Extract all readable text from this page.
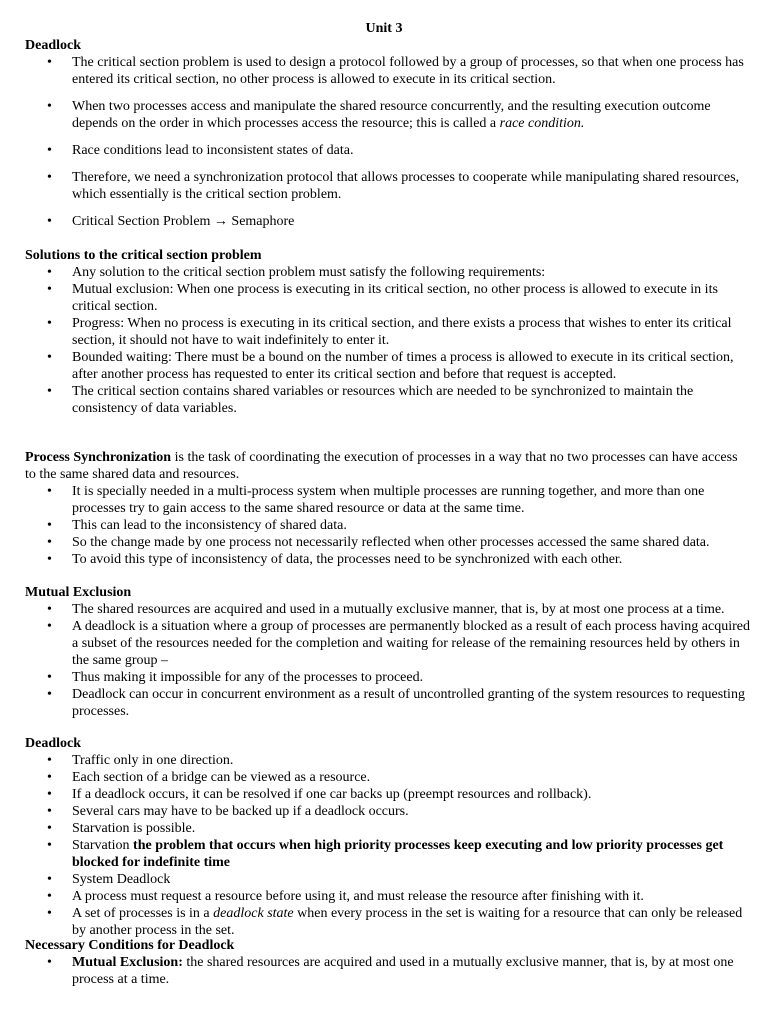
Unit 3
Deadlock
• The critical section problem is used to design a protocol followed by a group of processes, so that when one process has entered its critical section, no other process is allowed to execute in its critical section.
• When two processes access and manipulate the shared resource concurrently, and the resulting execution outcome depends on the order in which processes access the resource; this is called a race condition.
• Race conditions lead to inconsistent states of data.
• Therefore, we need a synchronization protocol that allows processes to cooperate while manipulating shared resources, which essentially is the critical section problem.
• Critical Section Problem → Semaphore
Solutions to the critical section problem
• Any solution to the critical section problem must satisfy the following requirements:
• Mutual exclusion: When one process is executing in its critical section, no other process is allowed to execute in its critical section.
• Progress: When no process is executing in its critical section, and there exists a process that wishes to enter its critical section, it should not have to wait indefinitely to enter it.
• Bounded waiting: There must be a bound on the number of times a process is allowed to execute in its critical section, after another process has requested to enter its critical section and before that request is accepted.
• The critical section contains shared variables or resources which are needed to be synchronized to maintain the consistency of data variables.
Process Synchronization is the task of coordinating the execution of processes in a way that no two processes can have access to the same shared data and resources.
• It is specially needed in a multi-process system when multiple processes are running together, and more than one processes try to gain access to the same shared resource or data at the same time.
• This can lead to the inconsistency of shared data.
• So the change made by one process not necessarily reflected when other processes accessed the same shared data.
• To avoid this type of inconsistency of data, the processes need to be synchronized with each other.
Mutual Exclusion
• The shared resources are acquired and used in a mutually exclusive manner, that is, by at most one process at a time.
• A deadlock is a situation where a group of processes are permanently blocked as a result of each process having acquired a subset of the resources needed for the completion and waiting for release of the remaining resources held by others in the same group –
• Thus making it impossible for any of the processes to proceed.
• Deadlock can occur in concurrent environment as a result of uncontrolled granting of the system resources to requesting processes.
Deadlock
• Traffic only in one direction.
• Each section of a bridge can be viewed as a resource.
• If a deadlock occurs, it can be resolved if one car backs up (preempt resources and rollback).
• Several cars may have to be backed up if a deadlock occurs.
• Starvation is possible.
• Starvation the problem that occurs when high priority processes keep executing and low priority processes get blocked for indefinite time
• System Deadlock
• A process must request a resource before using it, and must release the resource after finishing with it.
• A set of processes is in a deadlock state when every process in the set is waiting for a resource that can only be released by another process in the set.
Necessary Conditions for Deadlock
• Mutual Exclusion: the shared resources are acquired and used in a mutually exclusive manner, that is, by at most one process at a time.
